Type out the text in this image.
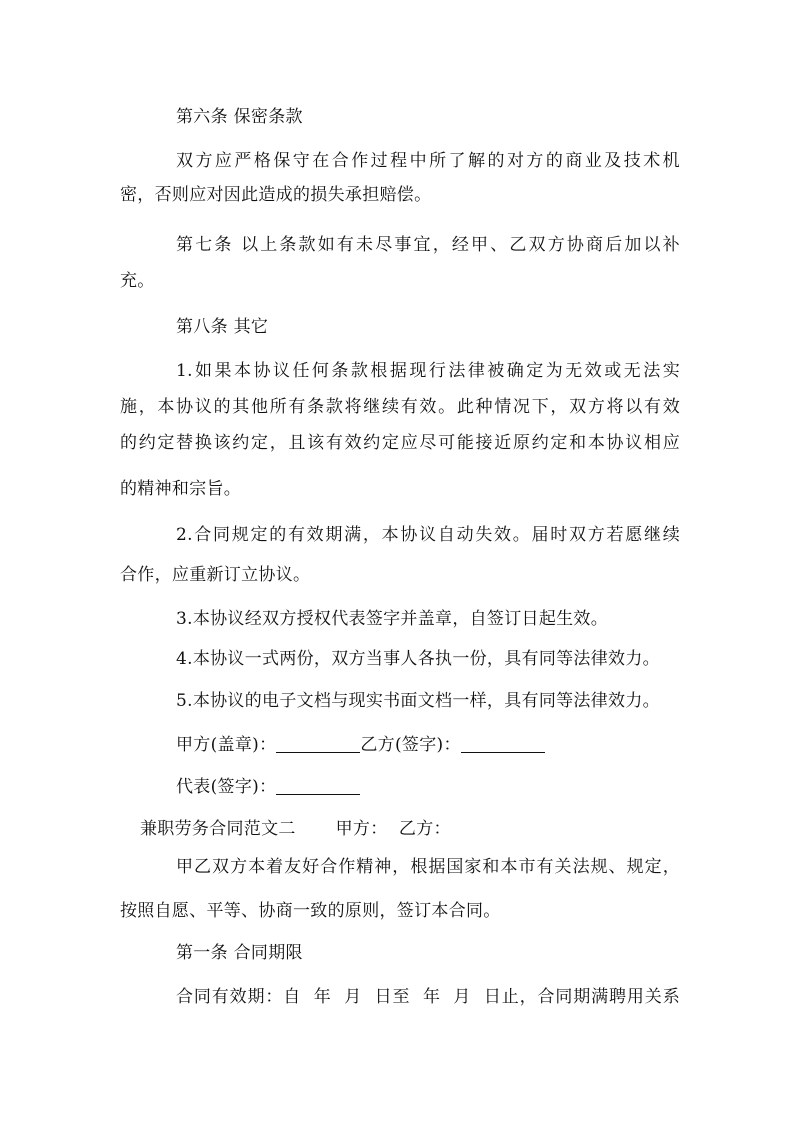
第六条 保密条款
双方应严格保守在合作过程中所了解的对方的商业及技术机
密，否则应对因此造成的损失承担赔偿。
第七条 以上条款如有未尽事宜，经甲、乙双方协商后加以补
充。
第八条 其它
1.如果本协议任何条款根据现行法律被确定为无效或无法实
施，本协议的其他所有条款将继续有效。此种情况下，双方将以有效
的约定替换该约定，且该有效约定应尽可能接近原约定和本协议相应
的精神和宗旨。
2.合同规定的有效期满，本协议自动失效。届时双方若愿继续
合作，应重新订立协议。
3.本协议经双方授权代表签字并盖章，自签订日起生效。
4.本协议一式两份，双方当事人各执一份，具有同等法律效力。
5.本协议的电子文档与现实书面文档一样，具有同等法律效力。
甲方(盖章)：	乙方(签字)：
代表(签字)：
兼职劳务合同范文二       甲方：  乙方：
甲乙双方本着友好合作精神，根据国家和本市有关法规、规定，
按照自愿、平等、协商一致的原则，签订本合同。
第一条 合同期限
合同有效期：自  年  月  日至  年  月  日止，合同期满聘用关系
